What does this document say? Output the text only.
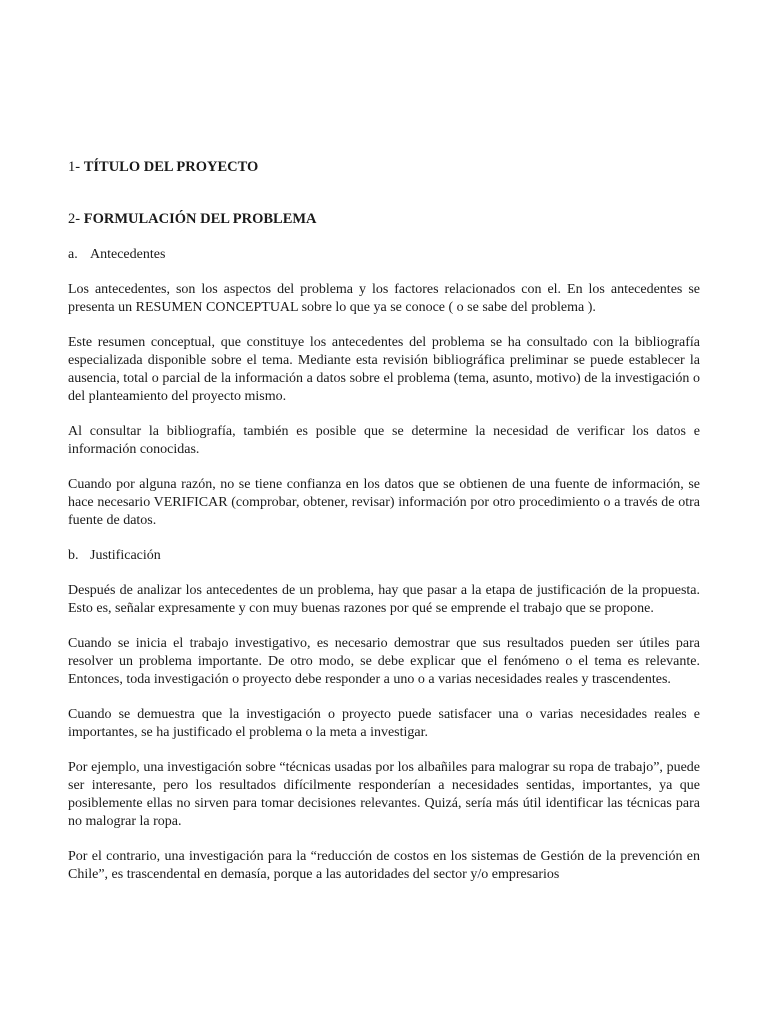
1- TÍTULO DEL PROYECTO
2- FORMULACIÓN DEL PROBLEMA
a. Antecedentes

Los antecedentes, son los aspectos del problema y los factores relacionados con el. En los antecedentes se presenta un RESUMEN CONCEPTUAL sobre lo que ya se conoce ( o se sabe del problema ).

Este resumen conceptual, que constituye los antecedentes del problema se ha consultado con la bibliografía especializada disponible sobre el tema. Mediante esta revisión bibliográfica preliminar se puede establecer la ausencia, total o parcial de la información a datos sobre el problema (tema, asunto, motivo) de la investigación o del planteamiento del proyecto mismo.

Al consultar la bibliografía, también es posible que se determine la necesidad de verificar los datos e información conocidas.

Cuando por alguna razón, no se tiene confianza en los datos que se obtienen de una fuente de información, se hace necesario VERIFICAR (comprobar, obtener, revisar) información por otro procedimiento o a través de otra fuente de datos.

b. Justificación

Después de analizar los antecedentes de un problema, hay que pasar a la etapa de justificación de la propuesta. Esto es, señalar expresamente y con muy buenas razones por qué se emprende el trabajo que se propone.

Cuando se inicia el trabajo investigativo, es necesario demostrar que sus resultados pueden ser útiles para resolver un problema importante. De otro modo, se debe explicar que el fenómeno o el tema es relevante. Entonces, toda investigación o proyecto debe responder a uno o a varias necesidades reales y trascendentes.

Cuando se demuestra que la investigación o proyecto puede satisfacer una o varias necesidades reales e importantes, se ha justificado el problema o la meta a investigar.

Por ejemplo, una investigación sobre “técnicas usadas por los albañiles para malograr su ropa de trabajo”, puede ser interesante, pero los resultados difícilmente responderían a necesidades sentidas, importantes, ya que posiblemente ellas no sirven para tomar decisiones relevantes. Quizá, sería más útil identificar las técnicas para no malograr la ropa.

Por el contrario, una investigación para la “reducción de costos en los sistemas de Gestión de la prevención en Chile”, es trascendental en demasía, porque a las autoridades del sector y/o empresarios
